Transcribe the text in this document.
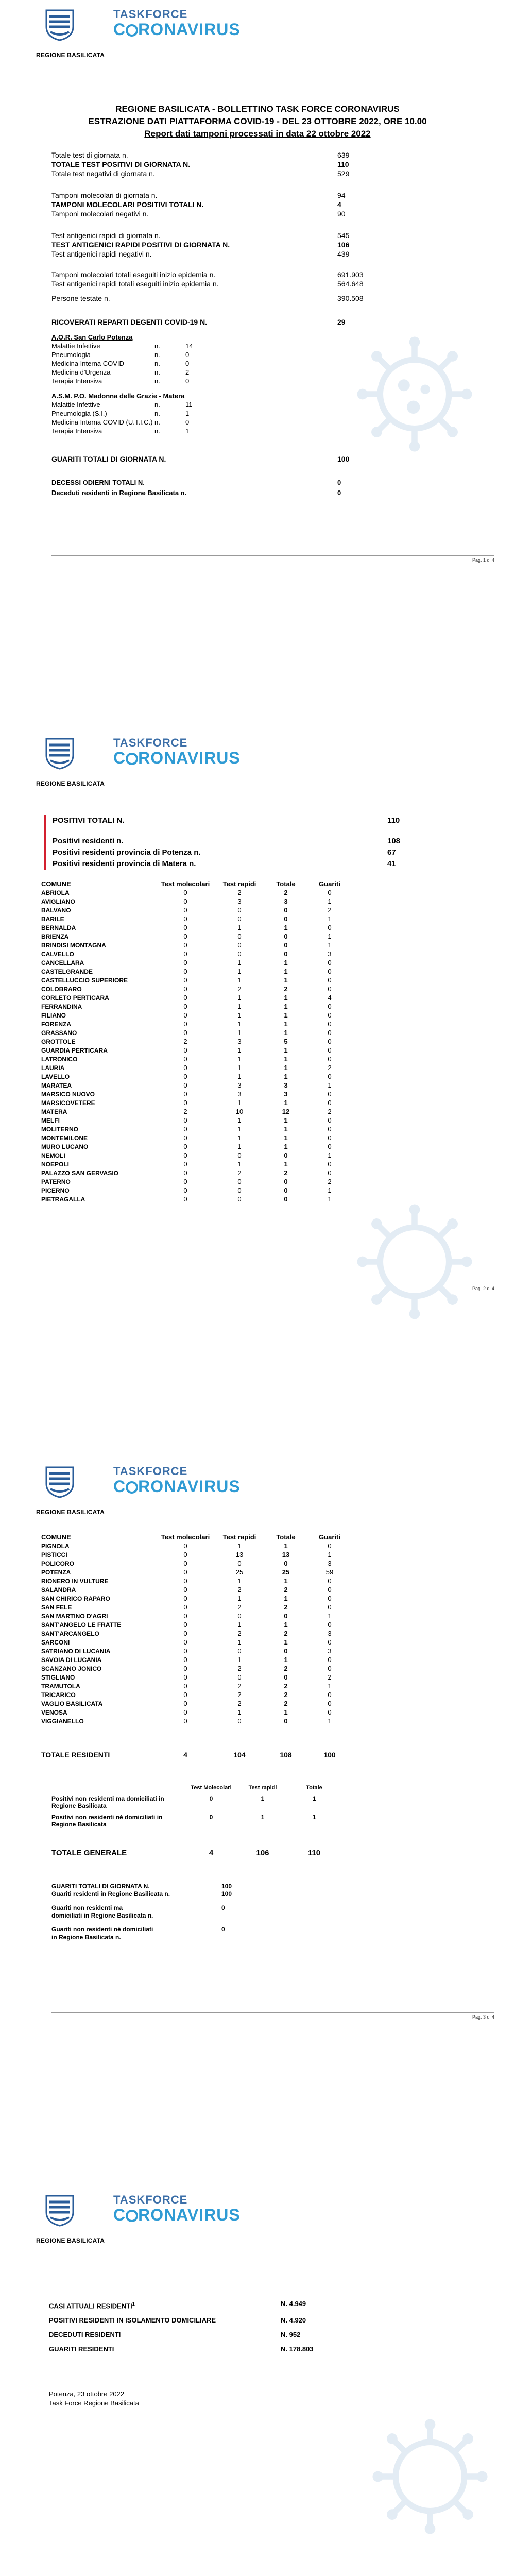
REGIONE BASILICATA
TASKFORCE
C RONAVIRUS
REGIONE BASILICATA - BOLLETTINO TASK FORCE CORONAVIRUS
ESTRAZIONE DATI PIATTAFORMA COVID-19 - DEL 23 OTTOBRE 2022, ORE 10.00
Report dati tamponi processati in data 22 ottobre 2022
Totale test di giornata n.	639
TOTALE TEST POSITIVI DI GIORNATA N.	110
Totale test negativi di giornata n.	529
Tamponi molecolari di giornata n.	94
TAMPONI MOLECOLARI POSITIVI TOTALI N.	4
Tamponi molecolari negativi n.	90
Test antigenici rapidi di giornata n.	545
TEST ANTIGENICI RAPIDI POSITIVI DI GIORNATA N.	106
Test antigenici rapidi negativi n.	439
Tamponi molecolari totali eseguiti inizio epidemia n.	691.903
Test antigenici rapidi totali eseguiti inizio epidemia n.	564.648
Persone testate n.	390.508
RICOVERATI REPARTI DEGENTI COVID-19 N.	29
A.O.R. San Carlo Potenza
Malattie Infettive	n.	14
Pneumologia	n.	0
Medicina Interna COVID	n.	0
Medicina d'Urgenza	n.	2
Terapia Intensiva	n.	0
A.S.M. P.O. Madonna delle Grazie - Matera
Malattie Infettive	n.	11
Pneumologia (S.I.)	n.	1
Medicina Interna COVID (U.T.I.C.) n.	0
Terapia Intensiva	n.	1
GUARITI TOTALI DI GIORNATA N.	100
DECESSI ODIERNI TOTALI N.	0
Deceduti residenti in Regione Basilicata n.	0
Pag. 1 di 4
REGIONE BASILICATA
TASKFORCE
C RONAVIRUS
POSITIVI TOTALI N.	110
Positivi residenti n.	108
Positivi residenti provincia di Potenza n.	67
Positivi residenti provincia di Matera n.	41
COMUNE	Test molecolari	Test rapidi	Totale	Guariti
ABRIOLA	0	2	2	0
AVIGLIANO	0	3	3	1
BALVANO	0	0	0	2
BARILE	0	0	0	1
BERNALDA	0	1	1	0
BRIENZA	0	0	0	1
BRINDISI MONTAGNA	0	0	0	1
CALVELLO	0	0	0	3
CANCELLARA	0	1	1	0
CASTELGRANDE	0	1	1	0
CASTELLUCCIO SUPERIORE	0	1	1	0
COLOBRARO	0	2	2	0
CORLETO PERTICARA	0	1	1	4
FERRANDINA	0	1	1	0
FILIANO	0	1	1	0
FORENZA	0	1	1	0
GRASSANO	0	1	1	0
GROTTOLE	2	3	5	0
GUARDIA PERTICARA	0	1	1	0
LATRONICO	0	1	1	0
LAURIA	0	1	1	2
LAVELLO	0	1	1	0
MARATEA	0	3	3	1
MARSICO NUOVO	0	3	3	0
MARSICOVETERE	0	1	1	0
MATERA	2	10	12	2
MELFI	0	1	1	0
MOLITERNO	0	1	1	0
MONTEMILONE	0	1	1	0
MURO LUCANO	0	1	1	0
NEMOLI	0	0	0	1
NOEPOLI	0	1	1	0
PALAZZO SAN GERVASIO	0	2	2	0
PATERNO	0	0	0	2
PICERNO	0	0	0	1
PIETRAGALLA	0	0	0	1
Pag. 2 di 4
REGIONE BASILICATA
TASKFORCE
C RONAVIRUS
COMUNE	Test molecolari	Test rapidi	Totale	Guariti
PIGNOLA	0	1	1	0
PISTICCI	0	13	13	1
POLICORO	0	0	0	3
POTENZA	0	25	25	59
RIONERO IN VULTURE	0	1	1	0
SALANDRA	0	2	2	0
SAN CHIRICO RAPARO	0	1	1	0
SAN FELE	0	2	2	0
SAN MARTINO D'AGRI	0	0	0	1
SANT'ANGELO LE FRATTE	0	1	1	0
SANT'ARCANGELO	0	2	2	3
SARCONI	0	1	1	0
SATRIANO DI LUCANIA	0	0	0	3
SAVOIA DI LUCANIA	0	1	1	0
SCANZANO JONICO	0	2	2	0
STIGLIANO	0	0	0	2
TRAMUTOLA	0	2	2	1
TRICARICO	0	2	2	0
VAGLIO BASILICATA	0	2	2	0
VENOSA	0	1	1	0
VIGGIANELLO	0	0	0	1
TOTALE RESIDENTI	4	104	108	100
Test Molecolari	Test rapidi	Totale
Positivi non residenti ma domiciliati in Regione Basilicata
0	1	1
Positivi non residenti né domiciliati in Regione Basilicata
0	1	1
TOTALE GENERALE	4	106	110
GUARITI TOTALI DI GIORNATA N.	100
Guariti residenti in Regione Basilicata n.	100
Guariti non residenti ma domiciliati in Regione Basilicata n.
0
Guariti non residenti né domiciliati in Regione Basilicata n.
0
Pag. 3 di 4
REGIONE BASILICATA
TASKFORCE
C RONAVIRUS
CASI ATTUALI RESIDENTI$^1$	N. 4.949
POSITIVI RESIDENTI IN ISOLAMENTO DOMICILIARE	N. 4.920
DECEDUTI RESIDENTI	N. 952
GUARITI RESIDENTI	N. 178.803
Potenza, 23 ottobre 2022
Task Force Regione Basilicata
